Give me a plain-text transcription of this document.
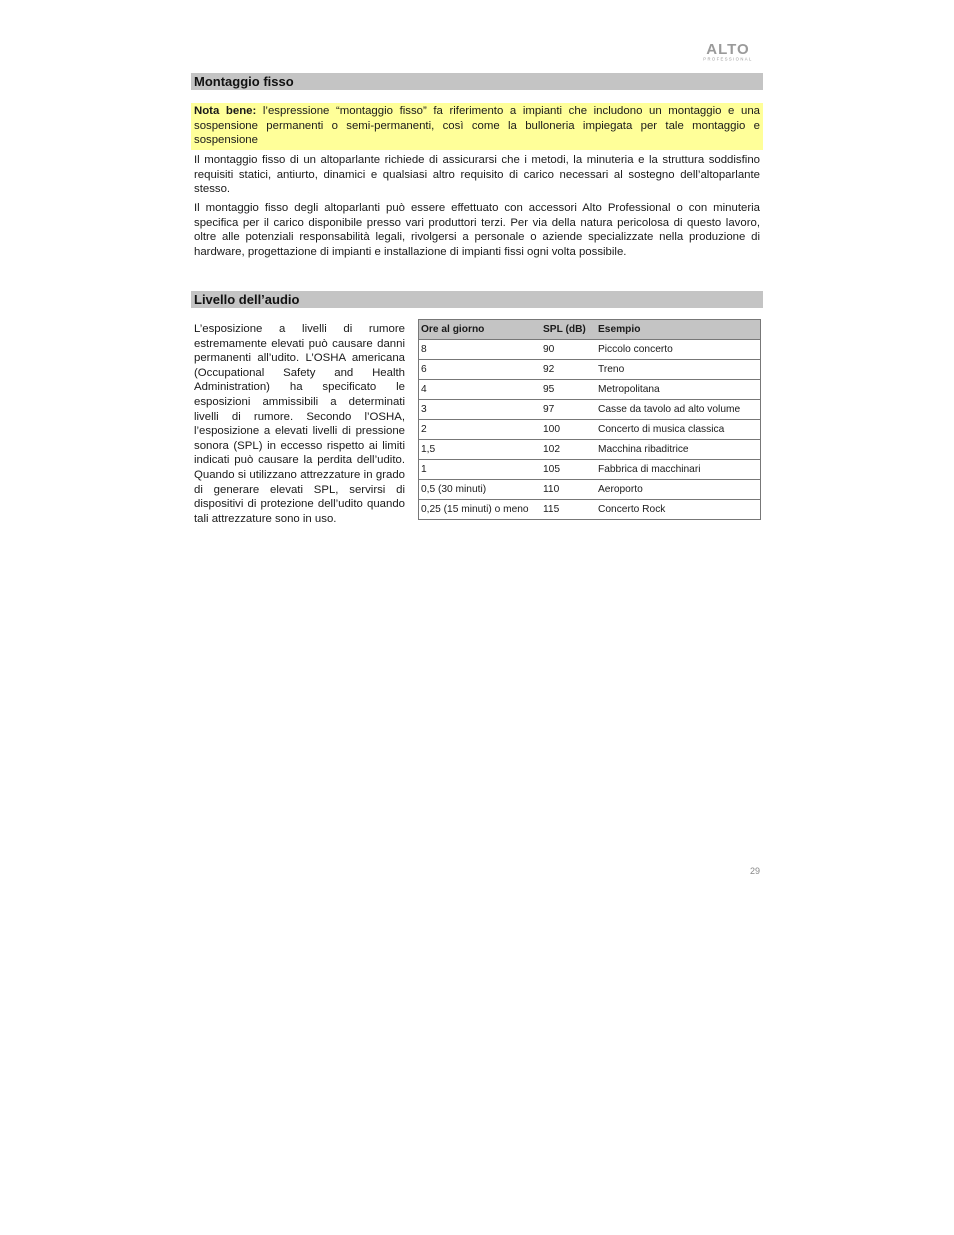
ALTO
PROFESSIONAL
Montaggio fisso
Nota bene: l’espressione “montaggio fisso” fa riferimento a impianti che includono un montaggio e una sospensione permanenti o semi-permanenti, così come la bulloneria impiegata per tale montaggio e sospensione

Il montaggio fisso di un altoparlante richiede di assicurarsi che i metodi, la minuteria e la struttura soddisfino requisiti statici, antiurto, dinamici e qualsiasi altro requisito di carico necessari al sostegno dell’altoparlante stesso.

Il montaggio fisso degli altoparlanti può essere effettuato con accessori Alto Professional o con minuteria specifica per il carico disponibile presso vari produttori terzi. Per via della natura pericolosa di questo lavoro, oltre alle potenziali responsabilità legali, rivolgersi a personale o aziende specializzate nella produzione di hardware, progettazione di impianti e installazione di impianti fissi ogni volta possibile.

Livello dell’audio

L’esposizione a livelli di rumore estremamente elevati può causare danni permanenti all’udito. L’OSHA americana (Occupational Safety and Health Administration) ha specificato le esposizioni ammissibili a determinati livelli di rumore. Secondo l’OSHA, l’esposizione a elevati livelli di pressione sonora (SPL) in eccesso rispetto ai limiti indicati può causare la perdita dell’udito. Quando si utilizzano attrezzature in grado di generare elevati SPL, servirsi di dispositivi di protezione dell’udito quando tali attrezzature sono in uso.

Ore al giorno	SPL (dB)	Esempio
8	90	Piccolo concerto
6	92	Treno
4	95	Metropolitana
3	97	Casse da tavolo ad alto volume
2	100	Concerto di musica classica
1,5	102	Macchina ribaditrice
1	105	Fabbrica di macchinari
0,5 (30 minuti)	110	Aeroporto
0,25 (15 minuti) o meno	115	Concerto Rock
29
